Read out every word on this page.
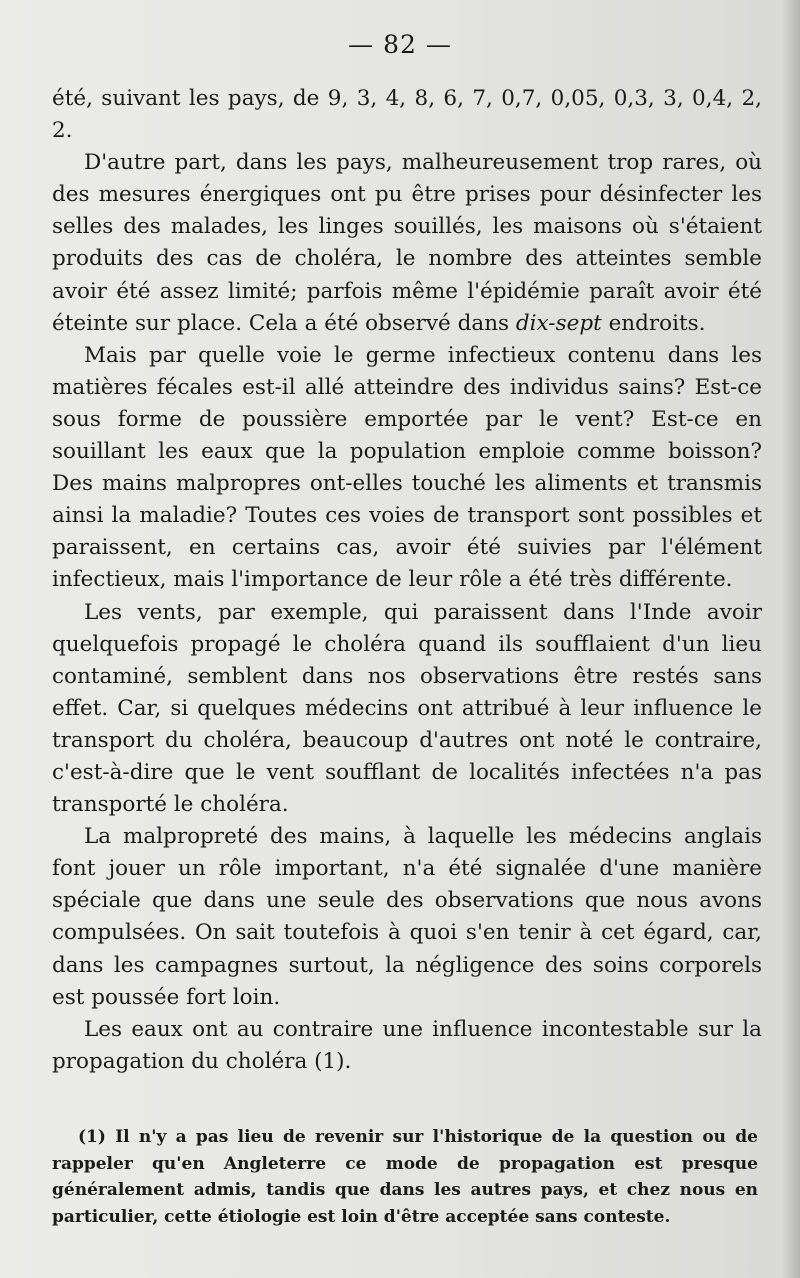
— 82 —

été, suivant les pays, de 9, 3, 4, 8, 6, 7, 0,7, 0,05, 0,3, 3, 0,4, 2, 2.

D'autre part, dans les pays, malheureusement trop rares, où des mesures énergiques ont pu être prises pour désinfecter les selles des malades, les linges souillés, les maisons où s'étaient produits des cas de choléra, le nombre des atteintes semble avoir été assez limité; parfois même l'épidémie paraît avoir été éteinte sur place. Cela a été observé dans dix-sept endroits.

Mais par quelle voie le germe infectieux contenu dans les matières fécales est-il allé atteindre des individus sains? Est-ce sous forme de poussière emportée par le vent? Est-ce en souillant les eaux que la population emploie comme boisson? Des mains malpropres ont-elles touché les aliments et transmis ainsi la maladie? Toutes ces voies de transport sont possibles et paraissent, en certains cas, avoir été suivies par l'élément infectieux, mais l'importance de leur rôle a été très différente.

Les vents, par exemple, qui paraissent dans l'Inde avoir quelquefois propagé le choléra quand ils soufflaient d'un lieu contaminé, semblent dans nos observations être restés sans effet. Car, si quelques médecins ont attribué à leur influence le transport du choléra, beaucoup d'autres ont noté le contraire, c'est-à-dire que le vent soufflant de localités infectées n'a pas transporté le choléra.

La malpropreté des mains, à laquelle les médecins anglais font jouer un rôle important, n'a été signalée d'une manière spéciale que dans une seule des observations que nous avons compulsées. On sait toutefois à quoi s'en tenir à cet égard, car, dans les campagnes surtout, la négligence des soins corporels est poussée fort loin.

Les eaux ont au contraire une influence incontestable sur la propagation du choléra (1).

(1) Il n'y a pas lieu de revenir sur l'historique de la question ou de rappeler qu'en Angleterre ce mode de propagation est presque généralement admis, tandis que dans les autres pays, et chez nous en particulier, cette étiologie est loin d'être acceptée sans conteste.
